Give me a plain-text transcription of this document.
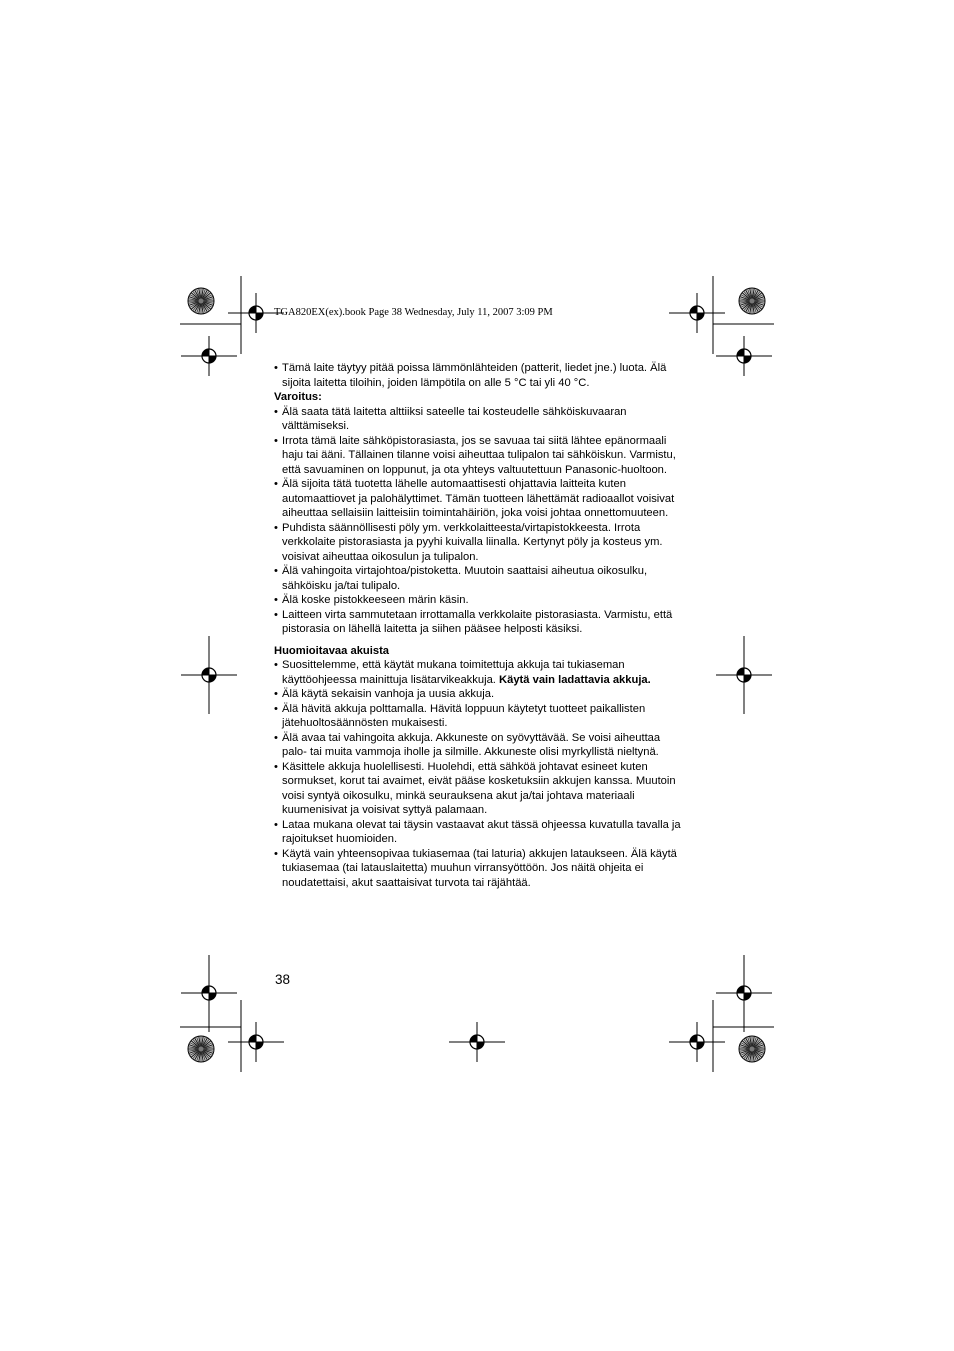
TGA820EX(ex).book Page 38 Wednesday, July 11, 2007 3:09 PM
• Tämä laite täytyy pitää poissa lämmönlähteiden (patterit, liedet jne.) luota. Älä sijoita laitetta tiloihin, joiden lämpötila on alle 5 °C tai yli 40 °C.
Varoitus:
• Älä saata tätä laitetta alttiiksi sateelle tai kosteudelle sähköiskuvaaran välttämiseksi.
• Irrota tämä laite sähköpistorasiasta, jos se savuaa tai siitä lähtee epänormaali haju tai ääni. Tällainen tilanne voisi aiheuttaa tulipalon tai sähköiskun. Varmistu, että savuaminen on loppunut, ja ota yhteys valtuutettuun Panasonic-huoltoon.
• Älä sijoita tätä tuotetta lähelle automaattisesti ohjattavia laitteita kuten automaattiovet ja palohälyttimet. Tämän tuotteen lähettämät radioaallot voisivat aiheuttaa sellaisiin laitteisiin toimintahäiriön, joka voisi johtaa onnettomuuteen.
• Puhdista säännöllisesti pöly ym. verkkolaitteesta/virtapistokkeesta. Irrota verkkolaite pistorasiasta ja pyyhi kuivalla liinalla. Kertynyt pöly ja kosteus ym. voisivat aiheuttaa oikosulun ja tulipalon.
• Älä vahingoita virtajohtoa/pistoketta. Muutoin saattaisi aiheutua oikosulku, sähköisku ja/tai tulipalo.
• Älä koske pistokkeeseen märin käsin.
• Laitteen virta sammutetaan irrottamalla verkkolaite pistorasiasta. Varmistu, että pistorasia on lähellä laitetta ja siihen pääsee helposti käsiksi.
Huomioitavaa akuista
• Suosittelemme, että käytät mukana toimitettuja akkuja tai tukiaseman käyttöohjeessa mainittuja lisätarvikeakkuja. Käytä vain ladattavia akkuja.
• Älä käytä sekaisin vanhoja ja uusia akkuja.
• Älä hävitä akkuja polttamalla. Hävitä loppuun käytetyt tuotteet paikallisten jätehuoltosäännösten mukaisesti.
• Älä avaa tai vahingoita akkuja. Akkuneste on syövyttävää. Se voisi aiheuttaa palo- tai muita vammoja iholle ja silmille. Akkuneste olisi myrkyllistä nieltynä.
• Käsittele akkuja huolellisesti. Huolehdi, että sähköä johtavat esineet kuten sormukset, korut tai avaimet, eivät pääse kosketuksiin akkujen kanssa. Muutoin voisi syntyä oikosulku, minkä seurauksena akut ja/tai johtava materiaali kuumenisivat ja voisivat syttyä palamaan.
• Lataa mukana olevat tai täysin vastaavat akut tässä ohjeessa kuvatulla tavalla ja rajoitukset huomioiden.
• Käytä vain yhteensopivaa tukiasemaa (tai laturia) akkujen lataukseen. Älä käytä tukiasemaa (tai latauslaitetta) muuhun virransyöttöön. Jos näitä ohjeita ei noudatettaisi, akut saattaisivat turvota tai räjähtää.
38
